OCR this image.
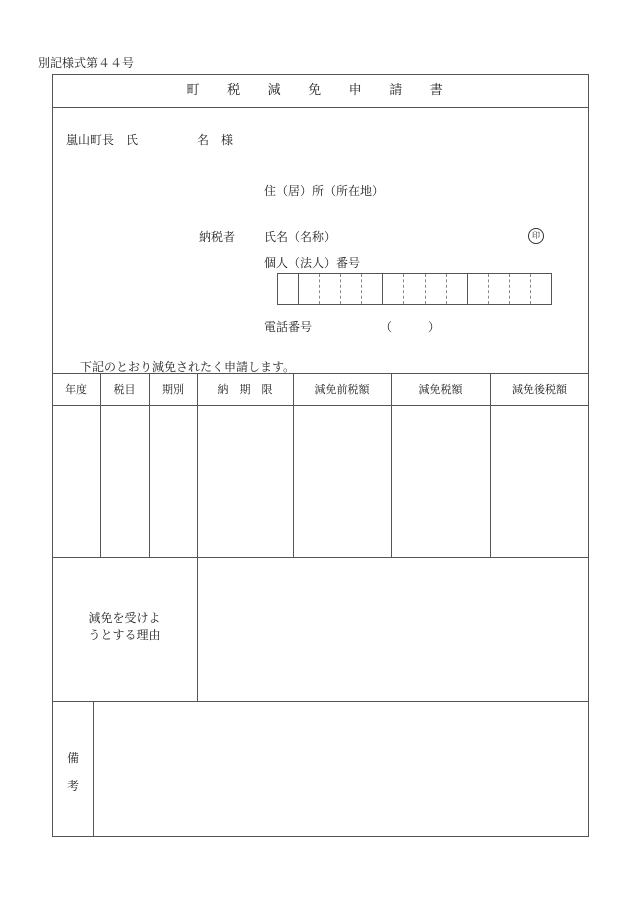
別記様式第４４号
町 税 減 免 申 請 書
嵐山町長　氏	名　様
住（居）所（所在地）
納税者 氏名（名称）	印
個人（法人）番号
電話番号	（　　　）
下記のとおり減免されたく申請します。
年度	税目	期別	納　期　限	減免前税額	減免税額	減免後税額
減免を受けよ
うとする理由
備
考
